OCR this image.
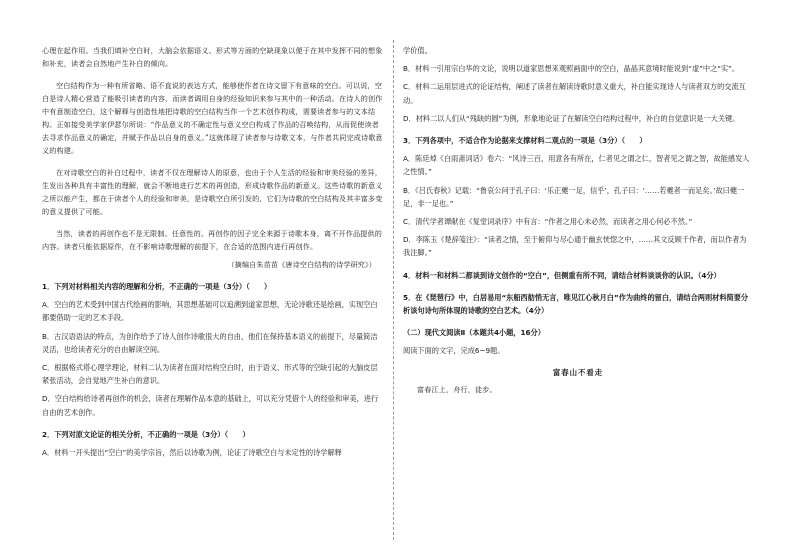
心理在起作用。当我们填补空白时，大脑会依据语义、形式等方面的空缺现象以便于在其中发挥不同的想象和补充，读者会自然地产生补白的倾向。

空白结构作为一种有所省略、语不直说的表达方式，能够使作者在诗文留下有意味的空白。可以说，空白是诗人精心营造了能吸引读者的内容，而读者调用自身的经验知识来参与其中的一种活动。在诗人的创作中有意制造空白，这个解释与创造性地把诗歌的空白结构当作一个艺术创作构成，需要读者参与的文本结构。正如接受美学家伊瑟尔所说：“作品意义的不确定性与意义空白构成了作品的召唤结构，从而促使读者去寻求作品意义的确定，并赋予作品以自身的意义。”这就体现了读者参与诗歌文本，与作者共同完成诗歌意义的构建。

在对诗歌空白的补白过程中，读者不仅在理解诗人的原意，也由于个人生活的经验和审美经验的差异，生发出各种具有丰富性的理解，就会不断地进行艺术的再创造，形成诗歌作品的新意义。这些诗歌的新意义之所以能产生，都在于读者个人的经验和审美，是诗歌空白所引发的，它们为诗歌的空白结构及其丰富多变的意义提供了可能。

当然，读者的再创作也不是无限制、任意性的。再创作的因子完全来源于诗歌本身，离不开作品提供的内容。读者只能依据原作，在不影响诗歌理解的前提下，在合适的范围内进行再创作。

（摘编自朱苗苗《唐诗空白结构的诗学研究》）

1．下列对材料相关内容的理解和分析，不正确的一项是（3分）（　　）

A．空白的艺术受到中国古代绘画的影响，其思想基础可以追溯到道家思想，无论诗歌还是绘画，实现空白都要借助一定的艺术手段。

B．古汉语语法的特点，为创作给予了诗人创作诗歌很大的自由，他们在保持基本语义的前提下，尽量简洁灵活，也给读者充分的自由解读空间。

C．根据格式塔心理学理论，材料二认为读者在面对结构空白时，由于语义、形式等的空缺引起的大脑皮层紧张活动，会自觉地产生补白的意识。

D．空白结构给诗者再创作的机会，读者在理解作品本意的基础上，可以充分凭借个人的经验和审美，进行自由的艺术创作。

2．下列对原文论证的相关分析，不正确的一项是（3分）（　　）

A．材料一开头提出“空白”的美学宗旨，然后以诗歌为例，论证了诗歌空白与未定性的诗学解释

学价值。

B．材料一引用宗白华的文论，说明以道家思想来观照画面中的空白，晶晶其意境时能说到“虚”中之“实”。

C．材料二运用层进式的论证结构，阐述了读者在解读诗歌时意义重大，补白能实现诗人与读者双方的交流互动。

D．材料二以人们从“残缺的圆”为例，形象地论证了在解读空白结构过程中，补白的自觉意识是一大关键。

3．下列各项中，不适合作为论据来支撑材料二观点的一项是（3分）（　　）

A．陈廷焯《白雨斋词话》卷六：“风诗三百，用意各有所在，仁者见之谓之仁，智者见之谓之智，故能感发人之性情。”

B．《吕氏春秋》记载：“鲁哀公问于孔子曰：‘乐正夔一足，信乎’，孔子曰：‘……若夔者一而足矣。’故曰夔一足，非一足也。”

C．清代学者谭献在《复堂词录序》中有言：“作者之用心未必然，而读者之用心何必不然。”

D．李陈玉《楚辞笺注》：“读者之情，至于俯仰与尽心通于幽玄恍惚之中，……其文反顾千作者，而以作者为我注脚。”

4．材料一和材料二都谈到诗文创作的“空白”，但侧重有所不同，请结合材料谈谈你的认识。（4分）

5．在《琵琶行》中，白居易用“东船西舫悄无言，唯见江心秋月白”作为曲终的留白，请结合两则材料简要分析该句诗句所体现的诗歌的空白艺术。（4分）

（二）现代文阅读Ⅱ（本题共4小题，16分）

阅读下面的文字，完成6~9题。

富春山不看走

富春江上，舟行，徒步。
